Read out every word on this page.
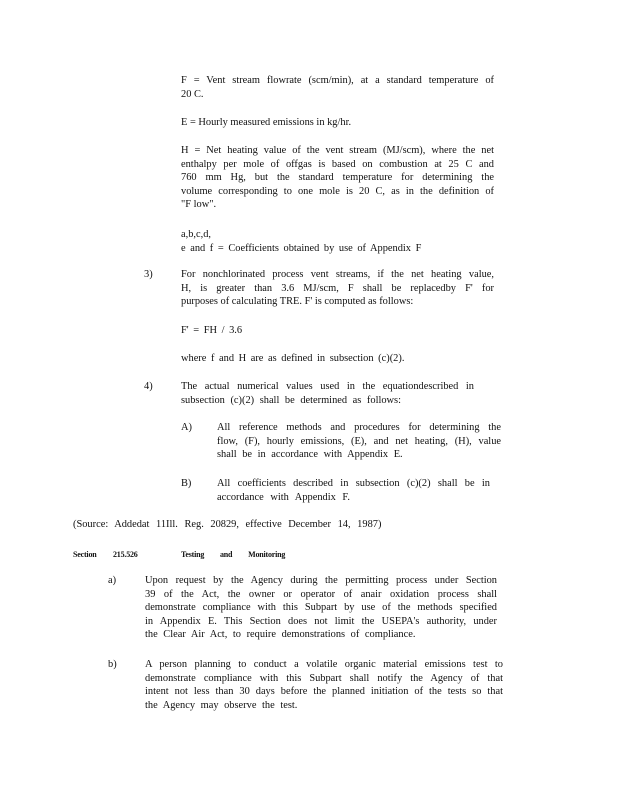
F = Vent stream flowrate (scm/min), at a standard temperature of
20 C.
E = Hourly measured emissions in kg/hr.
H = Net heating value of the vent stream (MJ/scm), where the net
enthalpy per mole of offgas is based on combustion at 25 C and
760 mm Hg, but the standard temperature for determining the
volume corresponding to one mole is 20 C, as in the definition of
"F low".
a,b,c,d,
e and f = Coefficients obtained by use of Appendix F
3)	For nonchlorinated process vent streams, if the net heating value,
H, is greater than 3.6 MJ/scm, F shall be replacedby F' for
purposes of calculating TRE. F' is computed as follows:
F' = FH / 3.6
where f and H are as defined in subsection (c)(2).
4)	The actual numerical values used in the equationdescribed in
subsection (c)(2) shall be determined as follows:
A) All reference methods and procedures for determining the
flow, (F), hourly emissions, (E), and net heating, (H), value
shall be in accordance with Appendix E.
B) All coefficients described in subsection (c)(2) shall be in
accordance with Appendix F.
(Source: Addedat 11Ill. Reg. 20829, effective December 14, 1987)
Section 215.526	Testing and Monitoring
a)	Upon request by the Agency during the permitting process under Section
39 of the Act, the owner or operator of anair oxidation process shall
demonstrate compliance with this Subpart by use of the methods specified
in Appendix E. This Section does not limit the USEPA's authority, under
the Clear Air Act, to require demonstrations of compliance.
b)	A person planning to conduct a volatile organic material emissions test to
demonstrate compliance with this Subpart shall notify the Agency of that
intent not less than 30 days before the planned initiation of the tests so that
the Agency may observe the test.
